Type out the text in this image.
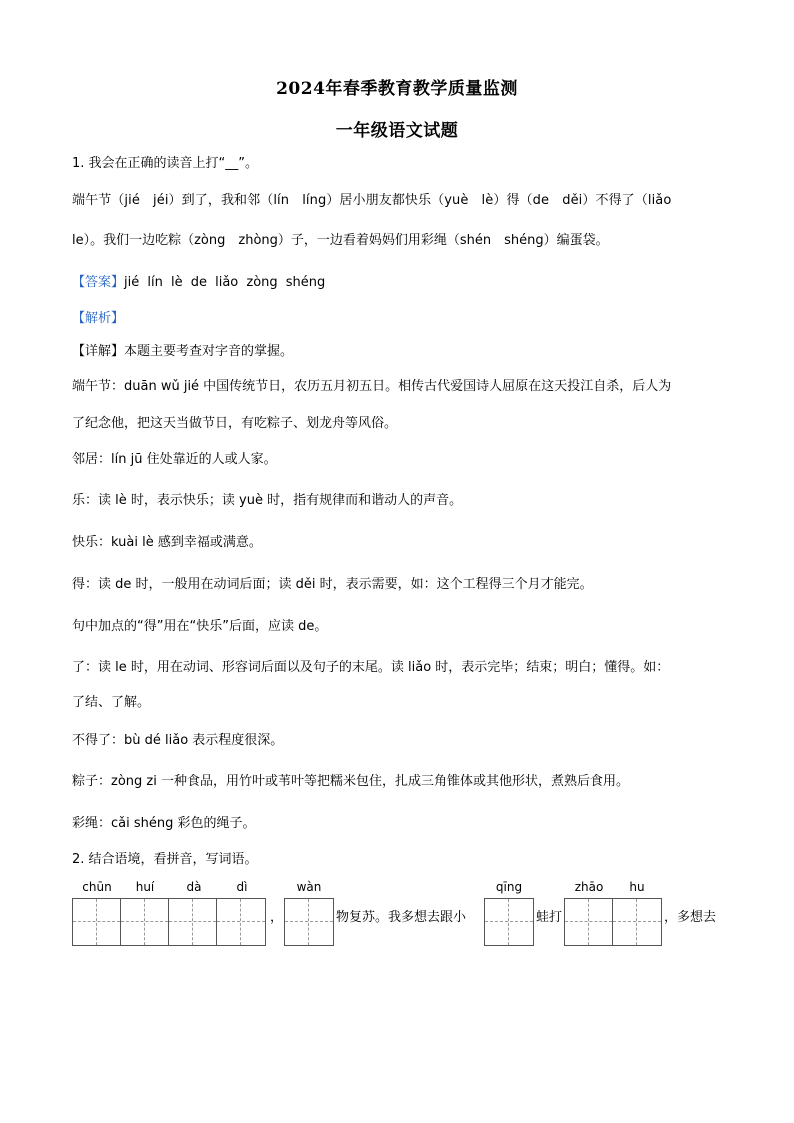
2024年春季教育教学质量监测
一年级语文试题
1. 我会在正确的读音上打“__”。
端午节（jié　jéi）到了，我和邻（lín　líng）居小朋友都快乐（yuè　lè）得（de　děi）不得了（liǎo
le）。我们一边吃粽（zòng　zhòng）子，一边看着妈妈们用彩绳（shén　shéng）编蛋袋。
【答案】jié lín lè de liǎo zòng shéng
【解析】
【详解】本题主要考查对字音的掌握。
端午节：duān wǔ jié 中国传统节日，农历五月初五日。相传古代爱国诗人屈原在这天投江自杀，后人为
了纪念他，把这天当做节日，有吃粽子、划龙舟等风俗。
邻居：lín jū 住处靠近的人或人家。
乐：读 lè 时，表示快乐；读 yuè 时，指有规律而和谐动人的声音。
快乐：kuài lè 感到幸福或满意。
得：读 de 时，一般用在动词后面；读 děi 时，表示需要，如：这个工程得三个月才能完。
句中加点的“得”用在“快乐”后面，应读 de。
了：读 le 时，用在动词、形容词后面以及句子的末尾。读 liǎo 时，表示完毕；结束；明白；懂得。如：
了结、了解。
不得了：bù dé liǎo 表示程度很深。
粽子：zòng zi 一种食品，用竹叶或苇叶等把糯米包住，扎成三角锥体或其他形状，煮熟后食用。
彩绳：cǎi shéng 彩色的绳子。
2. 结合语境，看拼音，写词语。
chūn	huí	dà	dì	wàn	qīng	zhāo	hu
，	物复苏。我多想去跟小	蛙打	，多想去
